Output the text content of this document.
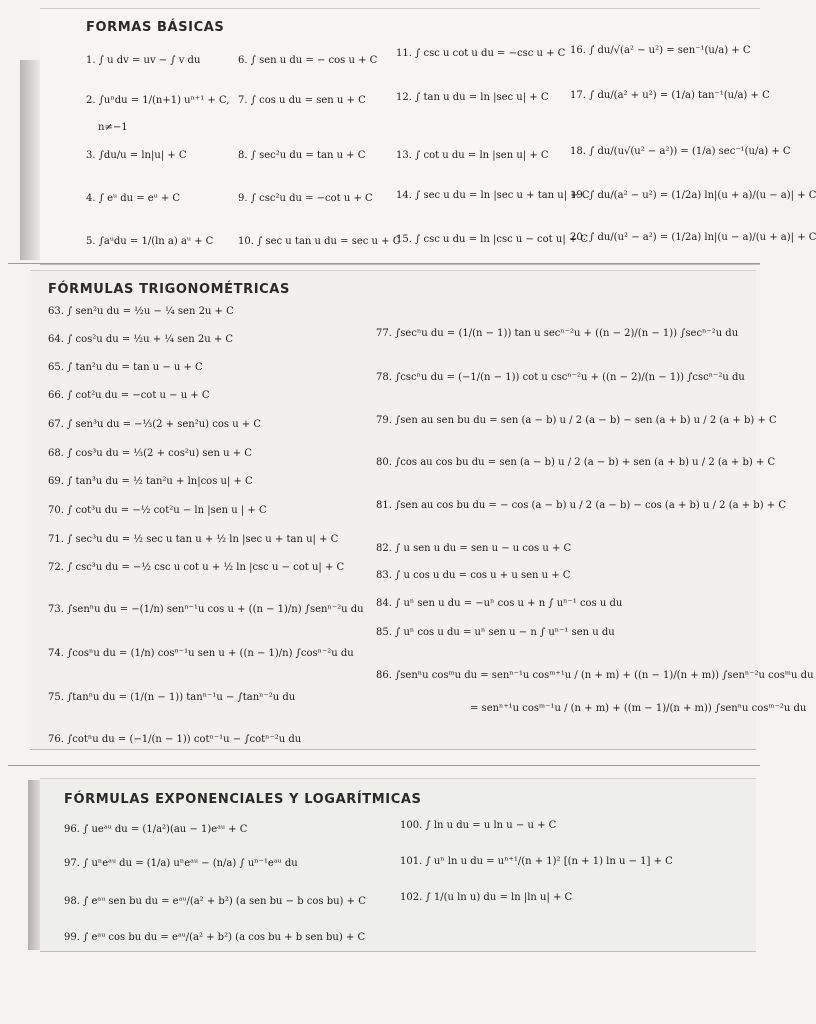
FORMAS BÁSICAS
1. ∫ u dv = uv − ∫ v du
2. ∫uⁿdu = 1/(n+1) uⁿ⁺¹ + C,
n≠−1
3. ∫du/u = ln|u| + C
4. ∫ eᵘ du = eᵘ + C
5. ∫aᵘdu = 1/(ln a) aᵘ + C
6. ∫ sen u du = − cos u + C
7. ∫ cos u du = sen u + C
8. ∫ sec²u du = tan u + C
9. ∫ csc²u du = −cot u + C
10. ∫ sec u tan u du = sec u + C
11. ∫ csc u cot u du = −csc u + C
12. ∫ tan u du = ln |sec u| + C
13. ∫ cot u du = ln |sen u| + C
14. ∫ sec u du = ln |sec u + tan u| + C
15. ∫ csc u du = ln |csc u − cot u| + C
16. ∫ du/√(a² − u²) = sen⁻¹(u/a) + C
17. ∫ du/(a² + u²) = (1/a) tan⁻¹(u/a) + C
18. ∫ du/(u√(u² − a²)) = (1/a) sec⁻¹(u/a) + C
19. ∫ du/(a² − u²) = (1/2a) ln|(u + a)/(u − a)| + C
20. ∫ du/(u² − a²) = (1/2a) ln|(u − a)/(u + a)| + C
FÓRMULAS TRIGONOMÉTRICAS
63. ∫ sen²u du = ½u − ¼ sen 2u + C
64. ∫ cos²u du = ½u + ¼ sen 2u + C
65. ∫ tan²u du = tan u − u + C
66. ∫ cot²u du = −cot u − u + C
67. ∫ sen³u du = −⅓(2 + sen²u) cos u + C
68. ∫ cos³u du = ⅓(2 + cos²u) sen u + C
69. ∫ tan³u du = ½ tan²u + ln|cos u| + C
70. ∫ cot³u du = −½ cot²u − ln |sen u | + C
71. ∫ sec³u du = ½ sec u tan u + ½ ln |sec u + tan u| + C
72. ∫ csc³u du = −½ csc u cot u + ½ ln |csc u − cot u| + C
73. ∫senⁿu du = −(1/n) senⁿ⁻¹u cos u + ((n − 1)/n) ∫senⁿ⁻²u du
74. ∫cosⁿu du = (1/n) cosⁿ⁻¹u sen u + ((n − 1)/n) ∫cosⁿ⁻²u du
75. ∫tanⁿu du = (1/(n − 1)) tanⁿ⁻¹u − ∫tanⁿ⁻²u du
76. ∫cotⁿu du = (−1/(n − 1)) cotⁿ⁻¹u − ∫cotⁿ⁻²u du
77. ∫secⁿu du = (1/(n − 1)) tan u secⁿ⁻²u + ((n − 2)/(n − 1)) ∫secⁿ⁻²u du
78. ∫cscⁿu du = (−1/(n − 1)) cot u cscⁿ⁻²u + ((n − 2)/(n − 1)) ∫cscⁿ⁻²u du
79. ∫sen au sen bu du = sen (a − b) u / 2 (a − b) − sen (a + b) u / 2 (a + b) + C
80. ∫cos au cos bu du = sen (a − b) u / 2 (a − b) + sen (a + b) u / 2 (a + b) + C
81. ∫sen au cos bu du = − cos (a − b) u / 2 (a − b) − cos (a + b) u / 2 (a + b) + C
82. ∫ u sen u du = sen u − u cos u + C
83. ∫ u cos u du = cos u + u sen u + C
84. ∫ uⁿ sen u du = −uⁿ cos u + n ∫ uⁿ⁻¹ cos u du
85. ∫ uⁿ cos u du = uⁿ sen u − n ∫ uⁿ⁻¹ sen u du
86. ∫senⁿu cosᵐu du = senⁿ⁻¹u cosᵐ⁺¹u / (n + m) + ((n − 1)/(n + m)) ∫senⁿ⁻²u cosᵐu du
= senⁿ⁺¹u cosᵐ⁻¹u / (n + m) + ((m − 1)/(n + m)) ∫senⁿu cosᵐ⁻²u du
FÓRMULAS EXPONENCIALES Y LOGARÍTMICAS
96. ∫ ueᵃᵘ du = (1/a²)(au − 1)eᵃᵘ + C
97. ∫ uⁿeᵃᵘ du = (1/a) uⁿeᵃᵘ − (n/a) ∫ uⁿ⁻¹eᵃᵘ du
98. ∫ eᵃᵘ sen bu du = eᵃᵘ/(a² + b²) (a sen bu − b cos bu) + C
99. ∫ eᵃᵘ cos bu du = eᵃᵘ/(a² + b²) (a cos bu + b sen bu) + C
100. ∫ ln u du = u ln u − u + C
101. ∫ uⁿ ln u du = uⁿ⁺¹/(n + 1)² [(n + 1) ln u − 1] + C
102. ∫ 1/(u ln u) du = ln |ln u| + C
